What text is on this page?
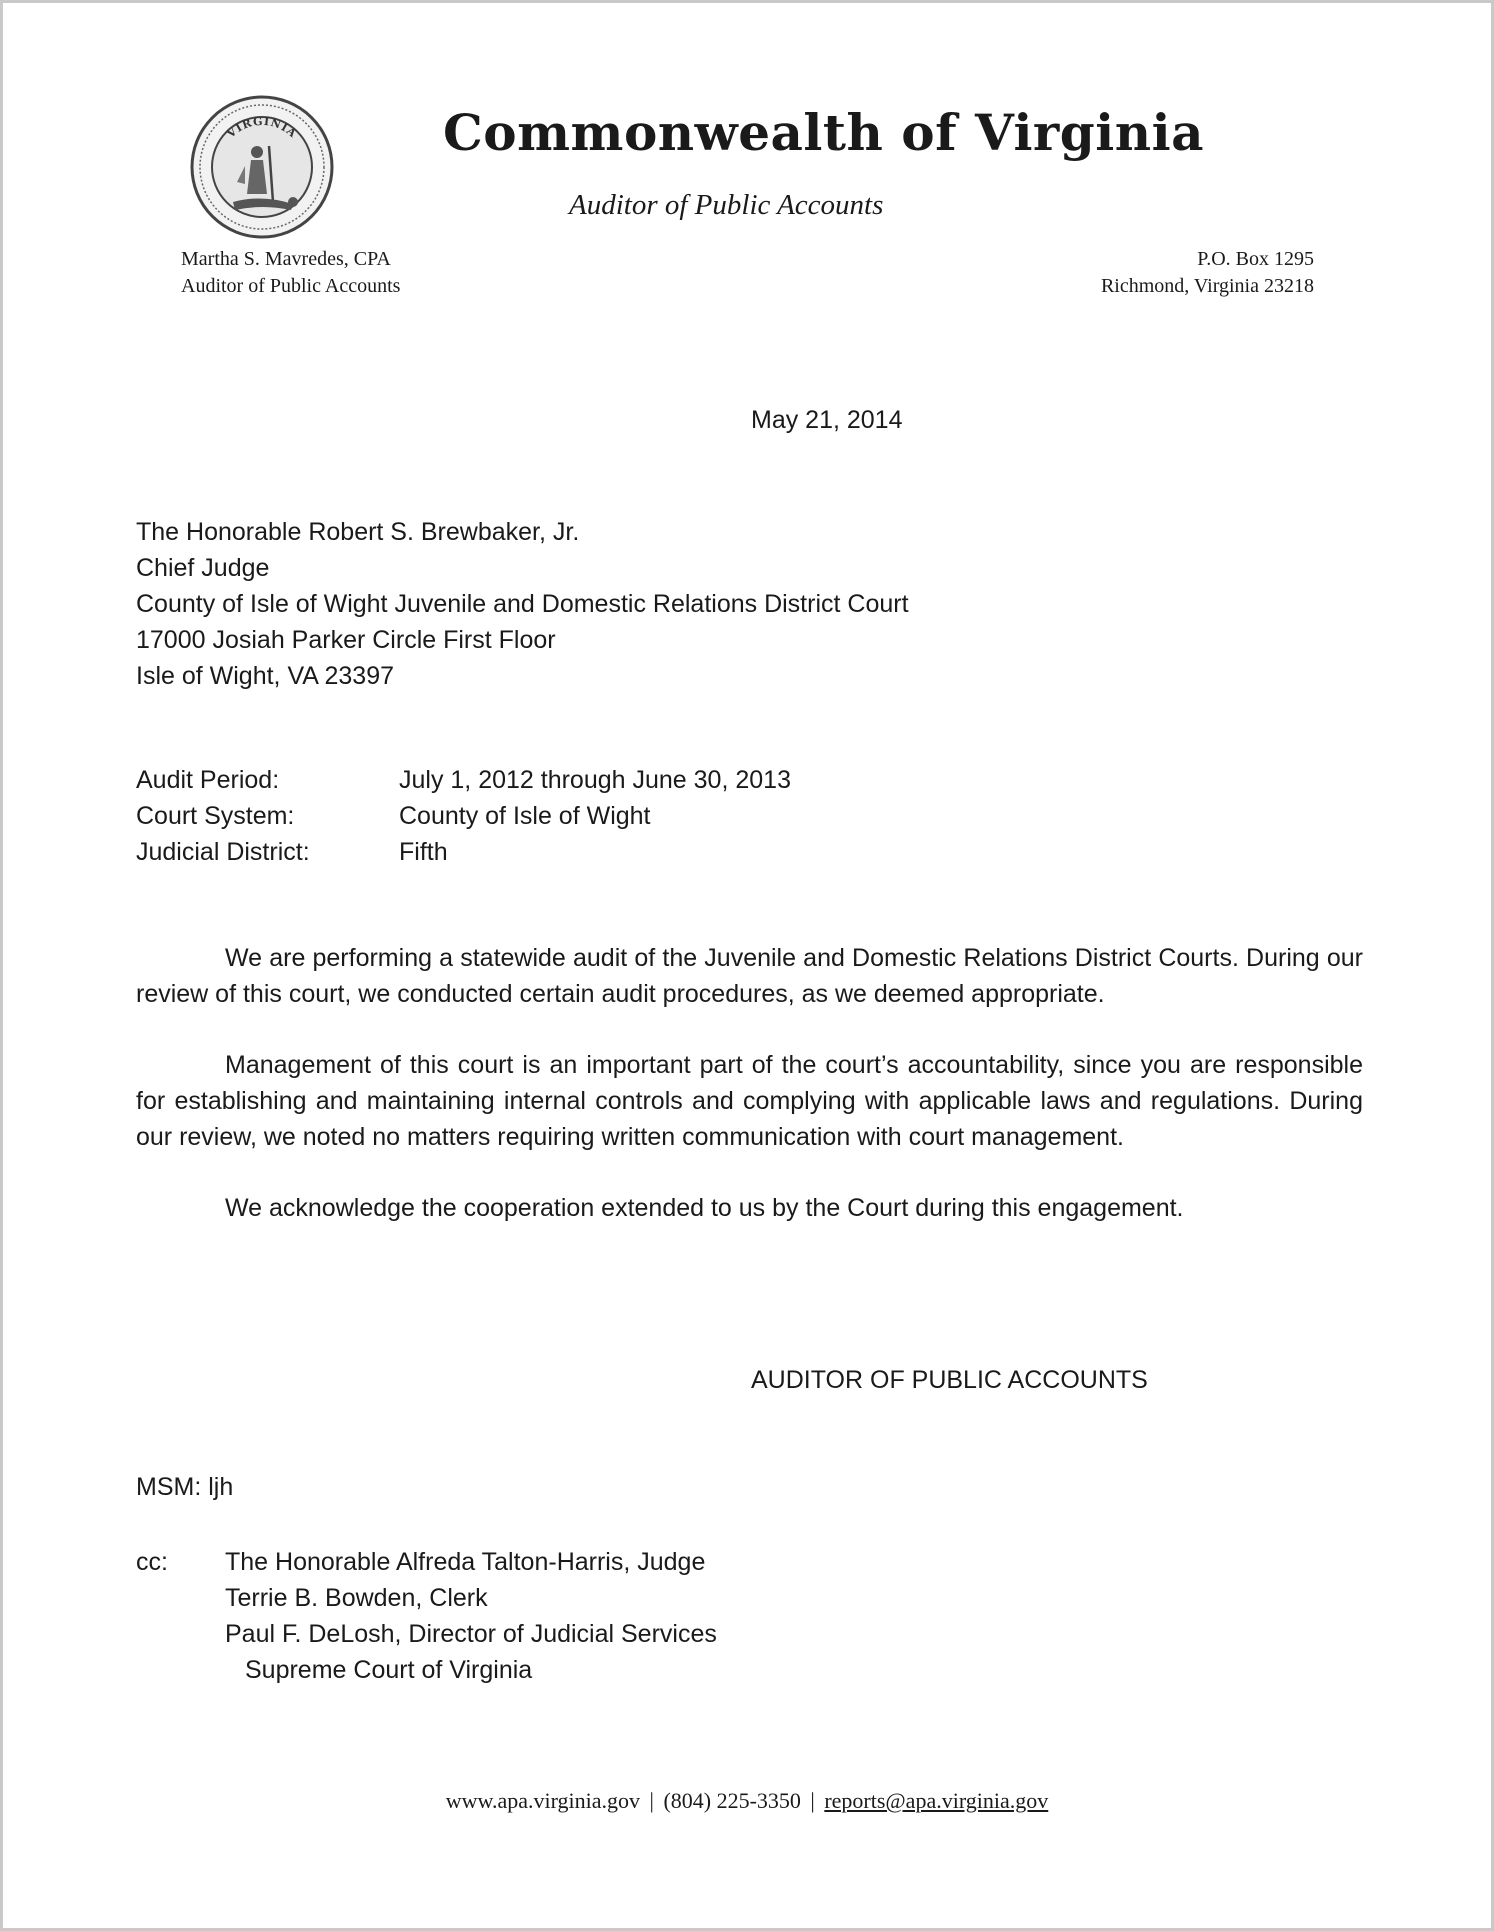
VIRGINIA	Commonwealth of Virginia
Auditor of Public Accounts
Martha S. Mavredes, CPA
Auditor of Public Accounts
P.O. Box 1295
Richmond, Virginia 23218
May 21, 2014
The Honorable Robert S. Brewbaker, Jr.
Chief Judge
County of Isle of Wight Juvenile and Domestic Relations District Court
17000 Josiah Parker Circle First Floor
Isle of Wight, VA 23397
Audit Period:	July 1, 2012 through June 30, 2013
Court System:	County of Isle of Wight
Judicial District:	Fifth

We are performing a statewide audit of the Juvenile and Domestic Relations District Courts. During our review of this court, we conducted certain audit procedures, as we deemed appropriate.

Management of this court is an important part of the court’s accountability, since you are responsible for establishing and maintaining internal controls and complying with applicable laws and regulations. During our review, we noted no matters requiring written communication with court management.

We acknowledge the cooperation extended to us by the Court during this engagement.

AUDITOR OF PUBLIC ACCOUNTS
MSM: ljh
cc:	The Honorable Alfreda Talton-Harris, Judge
Terrie B. Bowden, Clerk
Paul F. DeLosh, Director of Judicial Services
Supreme Court of Virginia
www.apa.virginia.gov | (804) 225-3350 | reports@apa.virginia.gov
